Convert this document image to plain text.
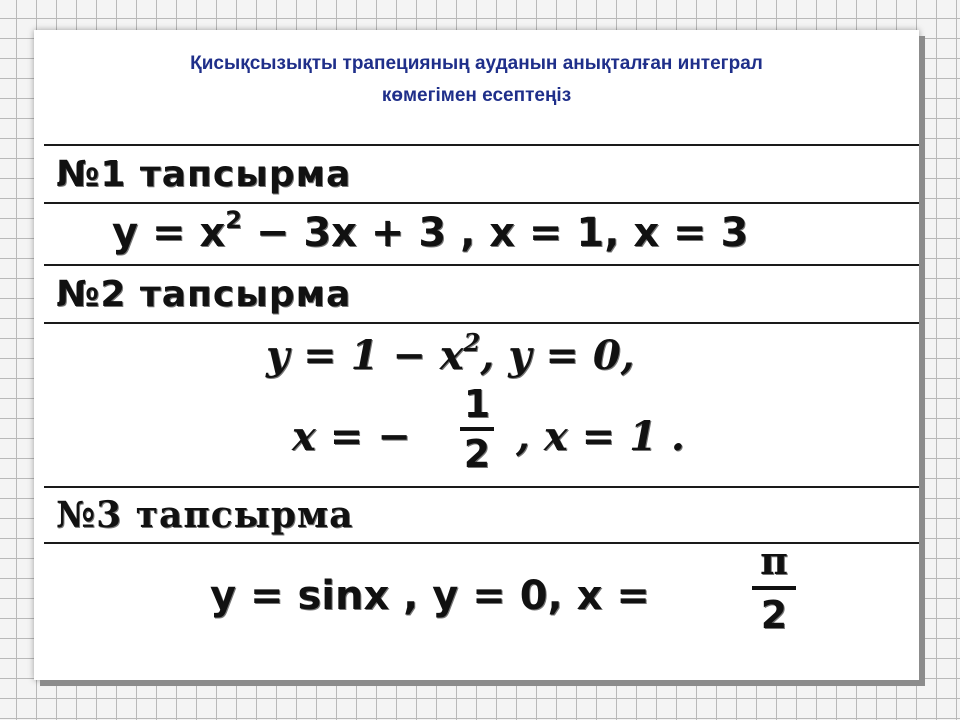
Қисықсызықты трапецияның ауданын анықталған интеграл
көмегімен есептеңіз
№1 тапсырма
$y = x^2 - 3x + 3$ , x = 1, x = 3
№2 тапсырма
$y = 1 - x^2$, y = 0,
x = −
1
2 , x = 1 .
№3 тапсырма
y = sinx , y = 0, x =
π
2
